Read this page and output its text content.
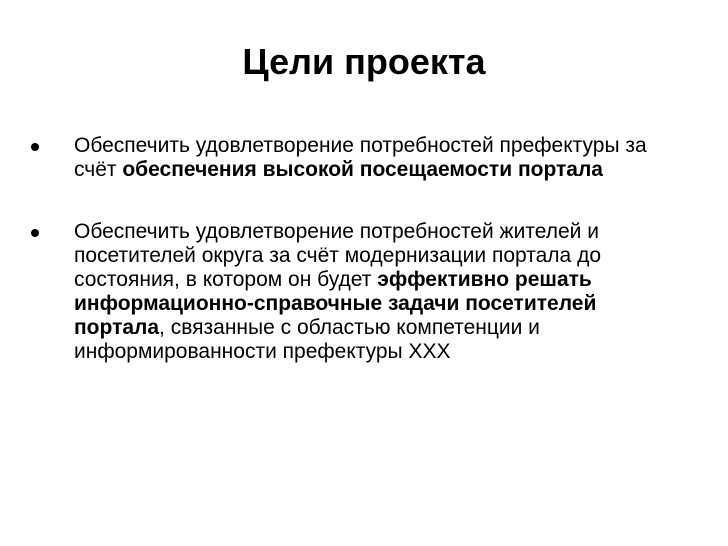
Цели проекта
Обеспечить удовлетворение потребностей префектуры за счёт обеспечения высокой посещаемости портала
Обеспечить удовлетворение потребностей жителей и посетителей округа за счёт модернизации портала до состояния, в котором он будет эффективно решать информационно-справочные задачи посетителей портала, связанные с областью компетенции и информированности префектуры ХХХ
